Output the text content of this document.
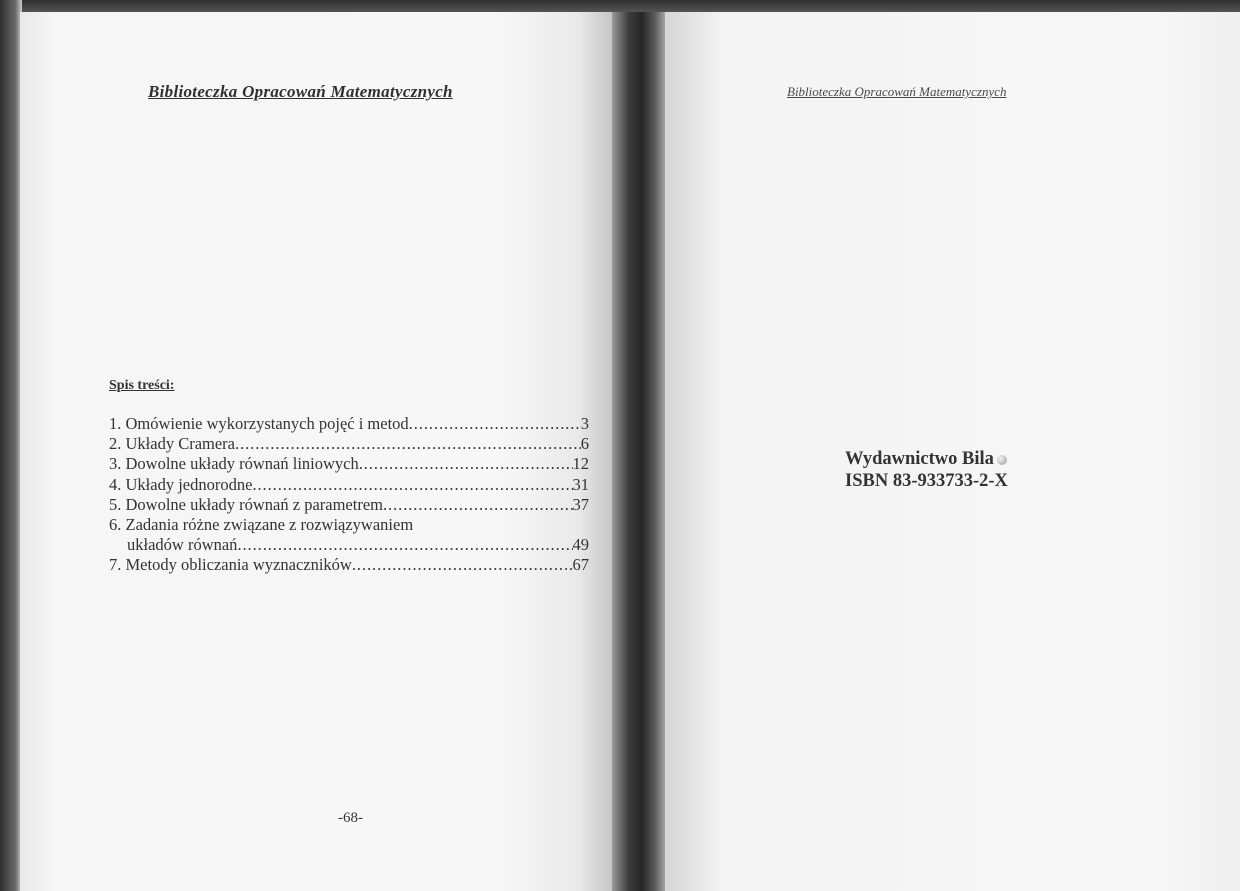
Biblioteczka Opracowań Matematycznych
Spis treści:
1. Omówienie wykorzystanych pojęć i metod . . .	3
2. Układy Cramera . . .	6
3. Dowolne układy równań liniowych . . .	12
4. Układy jednorodne . . .	31
5. Dowolne układy równań z parametrem . . .	37
6. Zadania różne związane z rozwiązywaniem
układów równań . . .	49
7. Metody obliczania wyznaczników . . .	67
-68-
Biblioteczka Opracowań Matematycznych
Wydawnictwo Bila
ISBN 83-933733-2-X
